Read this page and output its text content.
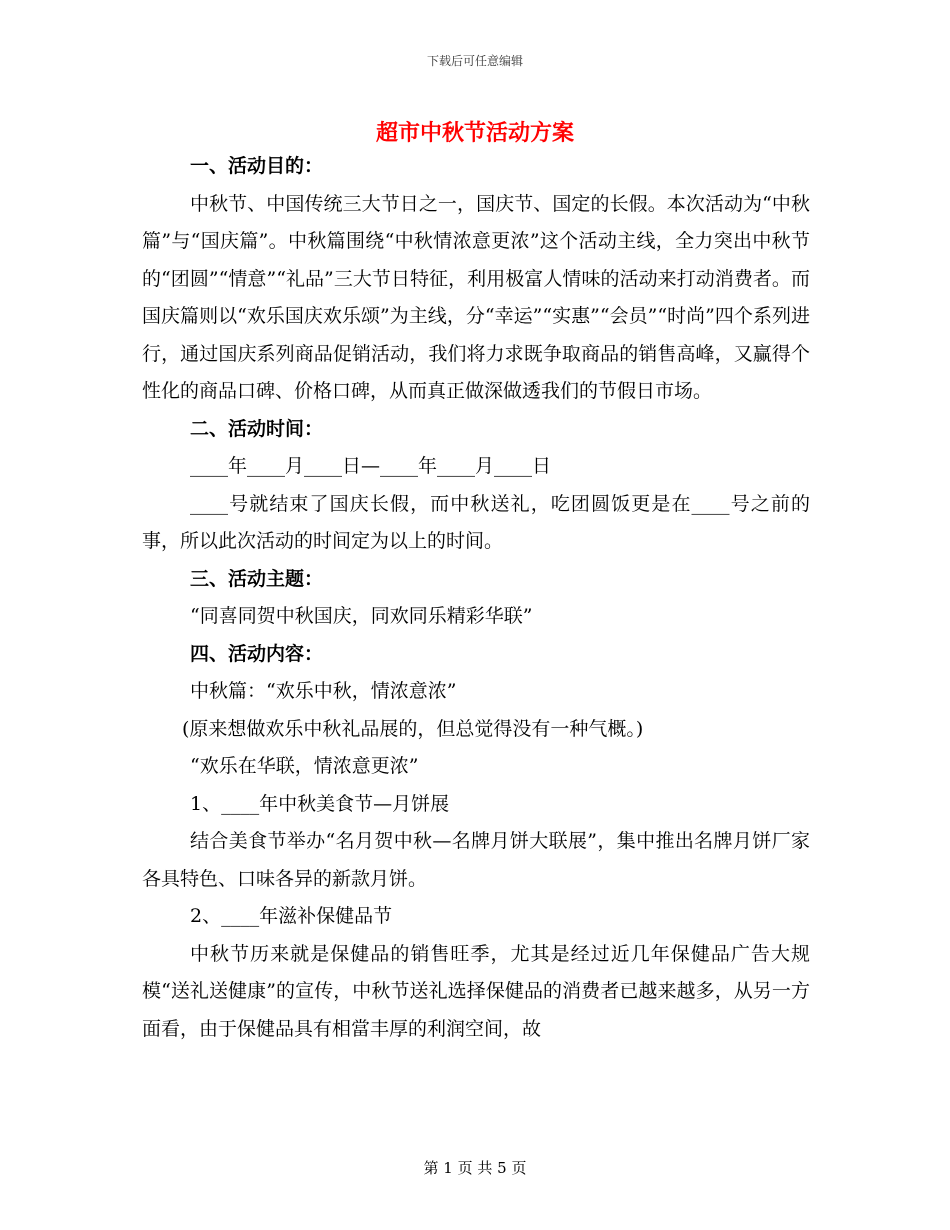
下载后可任意编辑
超市中秋节活动方案
一、活动目的：

中秋节、中国传统三大节日之一，国庆节、国定的长假。本次活动为“中秋篇”与“国庆篇”。中秋篇围绕“中秋情浓意更浓”这个活动主线，全力突出中秋节的“团圆”“情意”“礼品”三大节日特征，利用极富人情味的活动来打动消费者。而国庆篇则以“欢乐国庆欢乐颂”为主线，分“幸运”“实惠”“会员”“时尚”四个系列进行，通过国庆系列商品促销活动，我们将力求既争取商品的销售高峰，又赢得个性化的商品口碑、价格口碑，从而真正做深做透我们的节假日市场。

二、活动时间：
____年____月____日—____年____月____日

____号就结束了国庆长假，而中秋送礼，吃团圆饭更是在____号之前的事，所以此次活动的时间定为以上的时间。

三、活动主题：
“同喜同贺中秋国庆，同欢同乐精彩华联”
四、活动内容：
中秋篇：“欢乐中秋，情浓意浓”
(原来想做欢乐中秋礼品展的，但总觉得没有一种气概。)
“欢乐在华联，情浓意更浓”
1、____年中秋美食节—月饼展

结合美食节举办“名月贺中秋—名牌月饼大联展”，集中推出名牌月饼厂家各具特色、口味各异的新款月饼。

2、____年滋补保健品节

中秋节历来就是保健品的销售旺季，尤其是经过近几年保健品广告大规模“送礼送健康”的宣传，中秋节送礼选择保健品的消费者已越来越多，从另一方面看，由于保健品具有相當丰厚的利润空间，故

第 1 页 共 5 页
